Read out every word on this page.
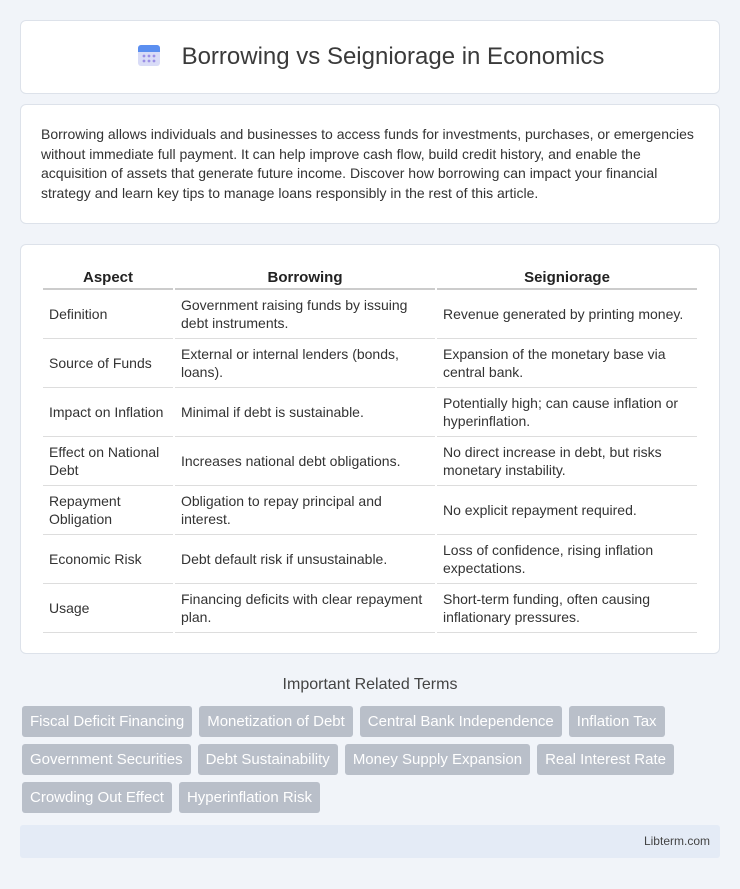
Borrowing vs Seigniorage in Economics

Borrowing allows individuals and businesses to access funds for investments, purchases, or emergencies without immediate full payment. It can help improve cash flow, build credit history, and enable the acquisition of assets that generate future income. Discover how borrowing can impact your financial strategy and learn key tips to manage loans responsibly in the rest of this article.

Aspect	Borrowing	Seigniorage
Definition	Government raising funds by issuing debt instruments.	Revenue generated by printing money.
Source of Funds	External or internal lenders (bonds, loans).	Expansion of the monetary base via central bank.
Impact on Inflation	Minimal if debt is sustainable.	Potentially high; can cause inflation or hyperinflation.
Effect on National Debt	Increases national debt obligations.	No direct increase in debt, but risks monetary instability.
Repayment Obligation	Obligation to repay principal and interest.	No explicit repayment required.
Economic Risk	Debt default risk if unsustainable.	Loss of confidence, rising inflation expectations.
Usage	Financing deficits with clear repayment plan.	Short-term funding, often causing inflationary pressures.
Important Related Terms
Fiscal Deficit Financing	Monetization of Debt	Central Bank Independence	Inflation Tax
Government Securities	Debt Sustainability	Money Supply Expansion	Real Interest Rate
Crowding Out Effect	Hyperinflation Risk
Libterm.com
